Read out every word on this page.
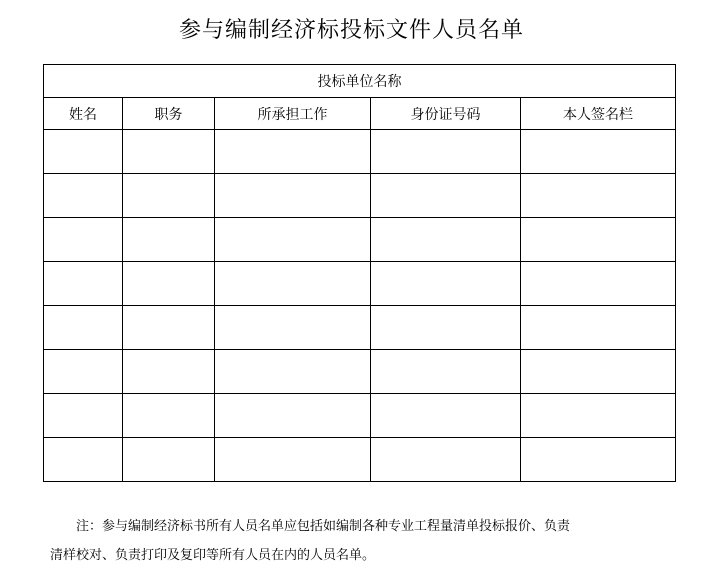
参与编制经济标投标文件人员名单
投标单位名称				
姓名	职务	所承担工作	身份证号码	本人签名栏

注：参与编制经济标书所有人员名单应包括如编制各种专业工程量清单投标报价、负责
清样校对、负责打印及复印等所有人员在内的人员名单。
